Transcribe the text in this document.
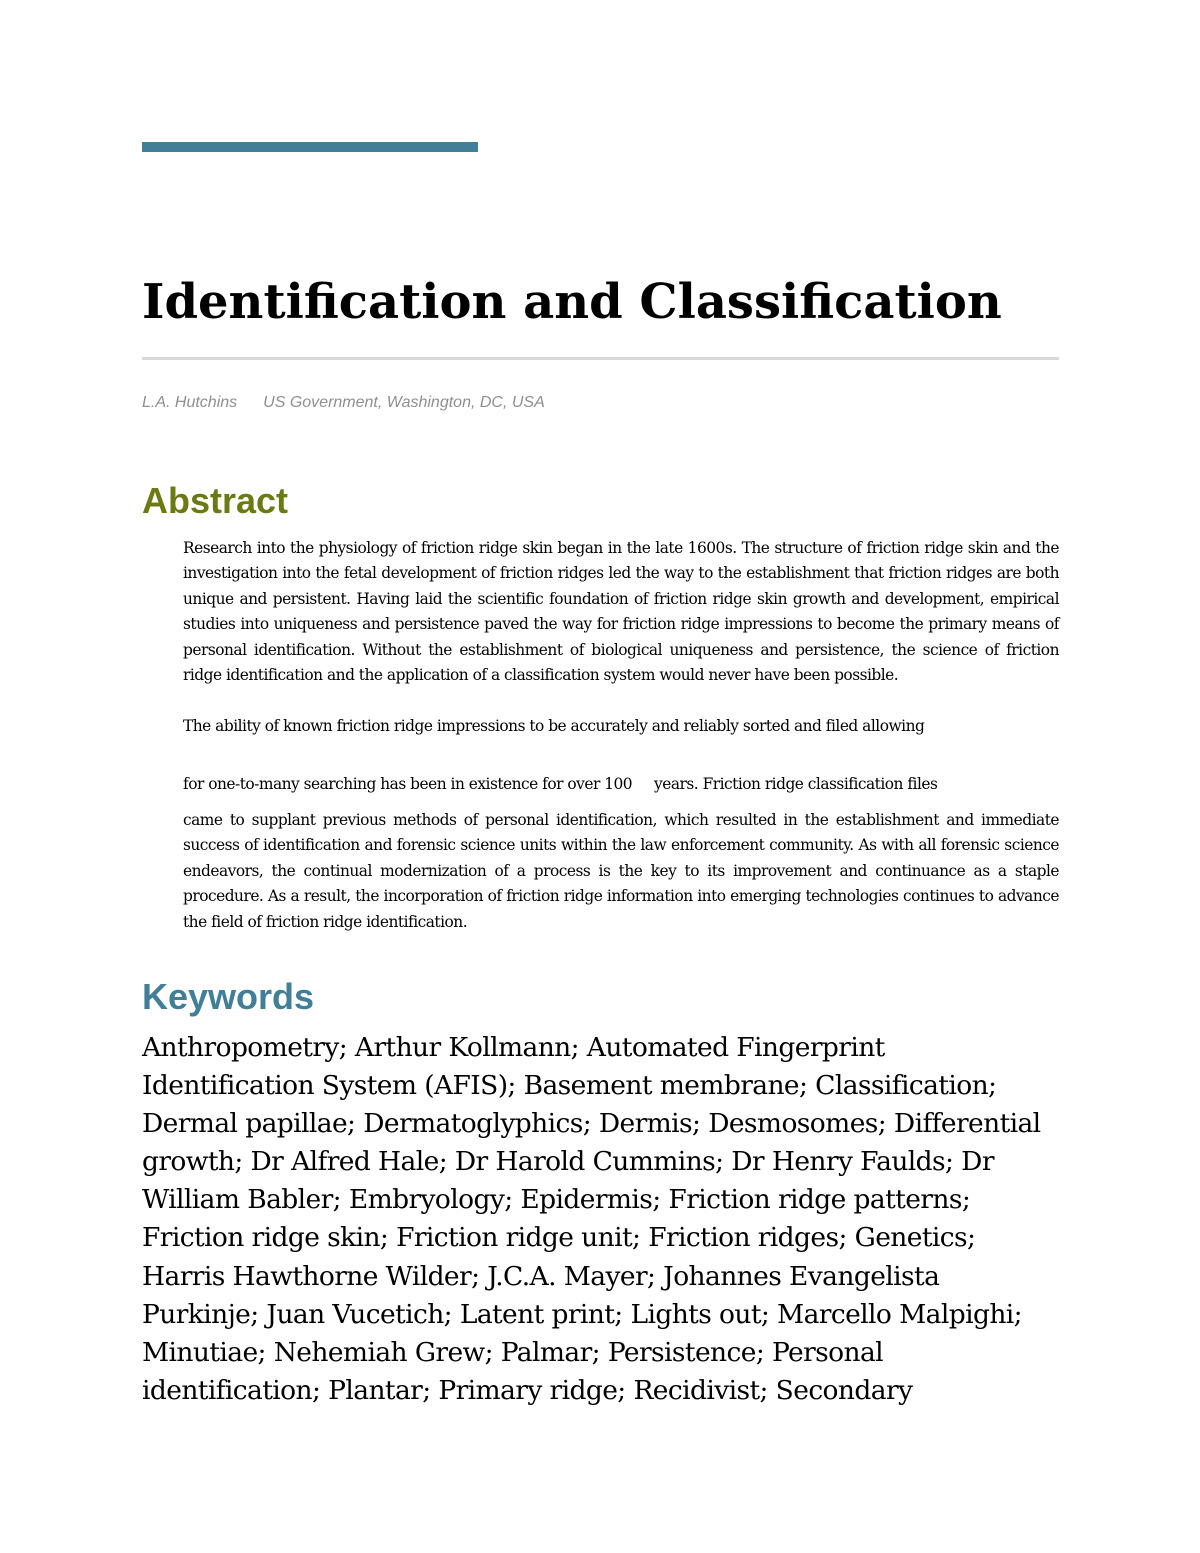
Identification and Classification
L.A. Hutchins US Government, Washington, DC, USA
Abstract

Research into the physiology of friction ridge skin began in the late 1600s. The structure of friction ridge skin and the investigation into the fetal development of friction ridges led the way to the establishment that friction ridges are both unique and persistent. Having laid the scientific foundation of friction ridge skin growth and development, empirical studies into uniqueness and persistence paved the way for friction ridge impressions to become the primary means of personal identification. Without the establishment of biological uniqueness and persistence, the science of friction ridge identification and the application of a classification system would never have been possible.

The ability of known friction ridge impressions to be accurately and reliably sorted and filed allowing

for one-to-many searching has been in existence for over 100     years. Friction ridge classification files

came to supplant previous methods of personal identification, which resulted in the establishment and immediate success of identification and forensic science units within the law enforcement community. As with all forensic science endeavors, the continual modernization of a process is the key to its improvement and continuance as a staple procedure. As a result, the incorporation of friction ridge information into emerging technologies continues to advance the field of friction ridge identification.

Keywords

Anthropometry; Arthur Kollmann; Automated Fingerprint Identification System (AFIS); Basement membrane; Classification; Dermal papillae; Dermatoglyphics; Dermis; Desmosomes; Differential growth; Dr Alfred Hale; Dr Harold Cummins; Dr Henry Faulds; Dr William Babler; Embryology; Epidermis; Friction ridge patterns; Friction ridge skin; Friction ridge unit; Friction ridges; Genetics; Harris Hawthorne Wilder; J.C.A. Mayer; Johannes Evangelista Purkinje; Juan Vucetich; Latent print; Lights out; Marcello Malpighi; Minutiae; Nehemiah Grew; Palmar; Persistence; Personal identification; Plantar; Primary ridge; Recidivist; Secondary
